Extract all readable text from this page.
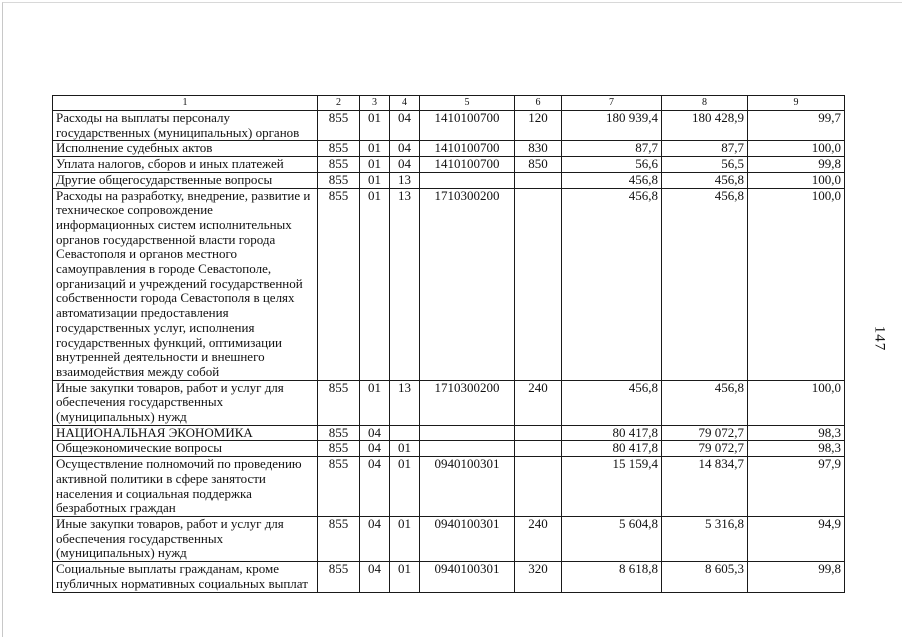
1	2	3	4	5	6	7	8	9
Расходы на выплаты персоналу государственных (муниципальных) органов	855	01	04	1410100700	120	180 939,4	180 428,9	99,7
Исполнение судебных актов	855	01	04	1410100700	830	87,7	87,7	100,0
Уплата налогов, сборов и иных платежей	855	01	04	1410100700	850	56,6	56,5	99,8
Другие общегосударственные вопросы	855	01	13			456,8	456,8	100,0
Расходы на разработку, внедрение, развитие и техническое сопровождение информационных систем исполнительных органов государственной власти города Севастополя и органов местного самоуправления в городе Севастополе, организаций и учреждений государственной собственности города Севастополя в целях автоматизации предоставления государственных услуг, исполнения государственных функций, оптимизации внутренней деятельности и внешнего взаимодействия между собой	855	01	13	1710300200		456,8	456,8	100,0
Иные закупки товаров, работ и услуг для обеспечения государственных (муниципальных) нужд	855	01	13	1710300200	240	456,8	456,8	100,0
НАЦИОНАЛЬНАЯ ЭКОНОМИКА	855	04				80 417,8	79 072,7	98,3
Общеэкономические вопросы	855	04	01			80 417,8	79 072,7	98,3
Осуществление полномочий по проведению активной политики в сфере занятости населения и социальная поддержка безработных граждан	855	04	01	0940100301		15 159,4	14 834,7	97,9
Иные закупки товаров, работ и услуг для обеспечения государственных (муниципальных) нужд	855	04	01	0940100301	240	5 604,8	5 316,8	94,9
Социальные выплаты гражданам, кроме публичных нормативных социальных выплат	855	04	01	0940100301	320	8 618,8	8 605,3	99,8
147
